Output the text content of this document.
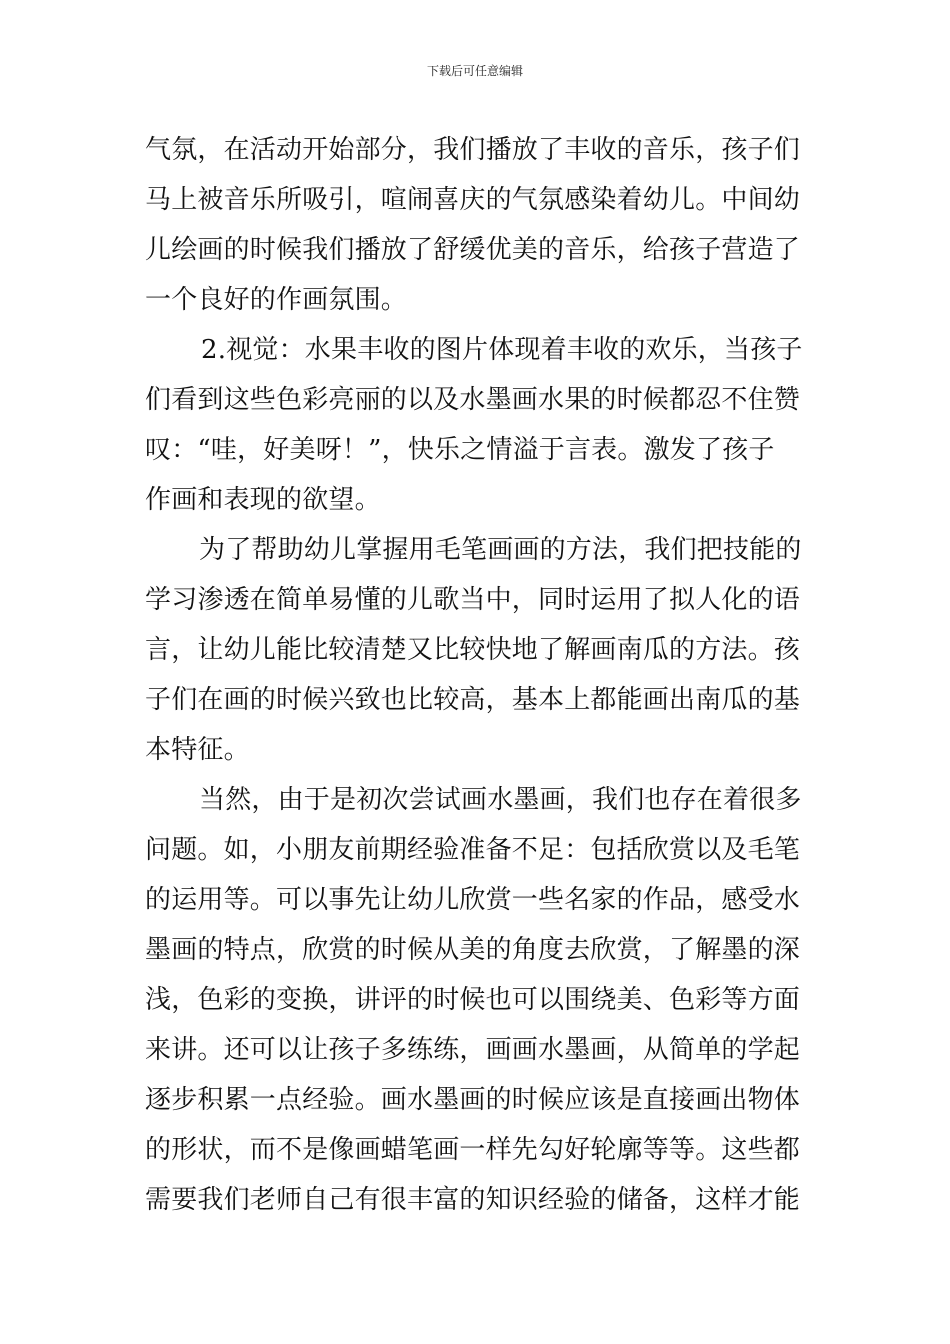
下载后可任意编辑
气氛，在活动开始部分，我们播放了丰收的音乐，孩子们
马上被音乐所吸引，喧闹喜庆的气氛感染着幼儿。中间幼
儿绘画的时候我们播放了舒缓优美的音乐，给孩子营造了
一个良好的作画氛围。
2.视觉：水果丰收的图片体现着丰收的欢乐，当孩子
们看到这些色彩亮丽的以及水墨画水果的时候都忍不住赞
叹：“哇，好美呀！”，快乐之情溢于言表。激发了孩子
作画和表现的欲望。
为了帮助幼儿掌握用毛笔画画的方法，我们把技能的
学习渗透在简单易懂的儿歌当中，同时运用了拟人化的语
言，让幼儿能比较清楚又比较快地了解画南瓜的方法。孩
子们在画的时候兴致也比较高，基本上都能画出南瓜的基
本特征。
当然，由于是初次尝试画水墨画，我们也存在着很多
问题。如，小朋友前期经验准备不足：包括欣赏以及毛笔
的运用等。可以事先让幼儿欣赏一些名家的作品，感受水
墨画的特点，欣赏的时候从美的角度去欣赏，了解墨的深
浅，色彩的变换，讲评的时候也可以围绕美、色彩等方面
来讲。还可以让孩子多练练，画画水墨画，从简单的学起
逐步积累一点经验。画水墨画的时候应该是直接画出物体
的形状，而不是像画蜡笔画一样先勾好轮廓等等。这些都
需要我们老师自己有很丰富的知识经验的储备，这样才能
